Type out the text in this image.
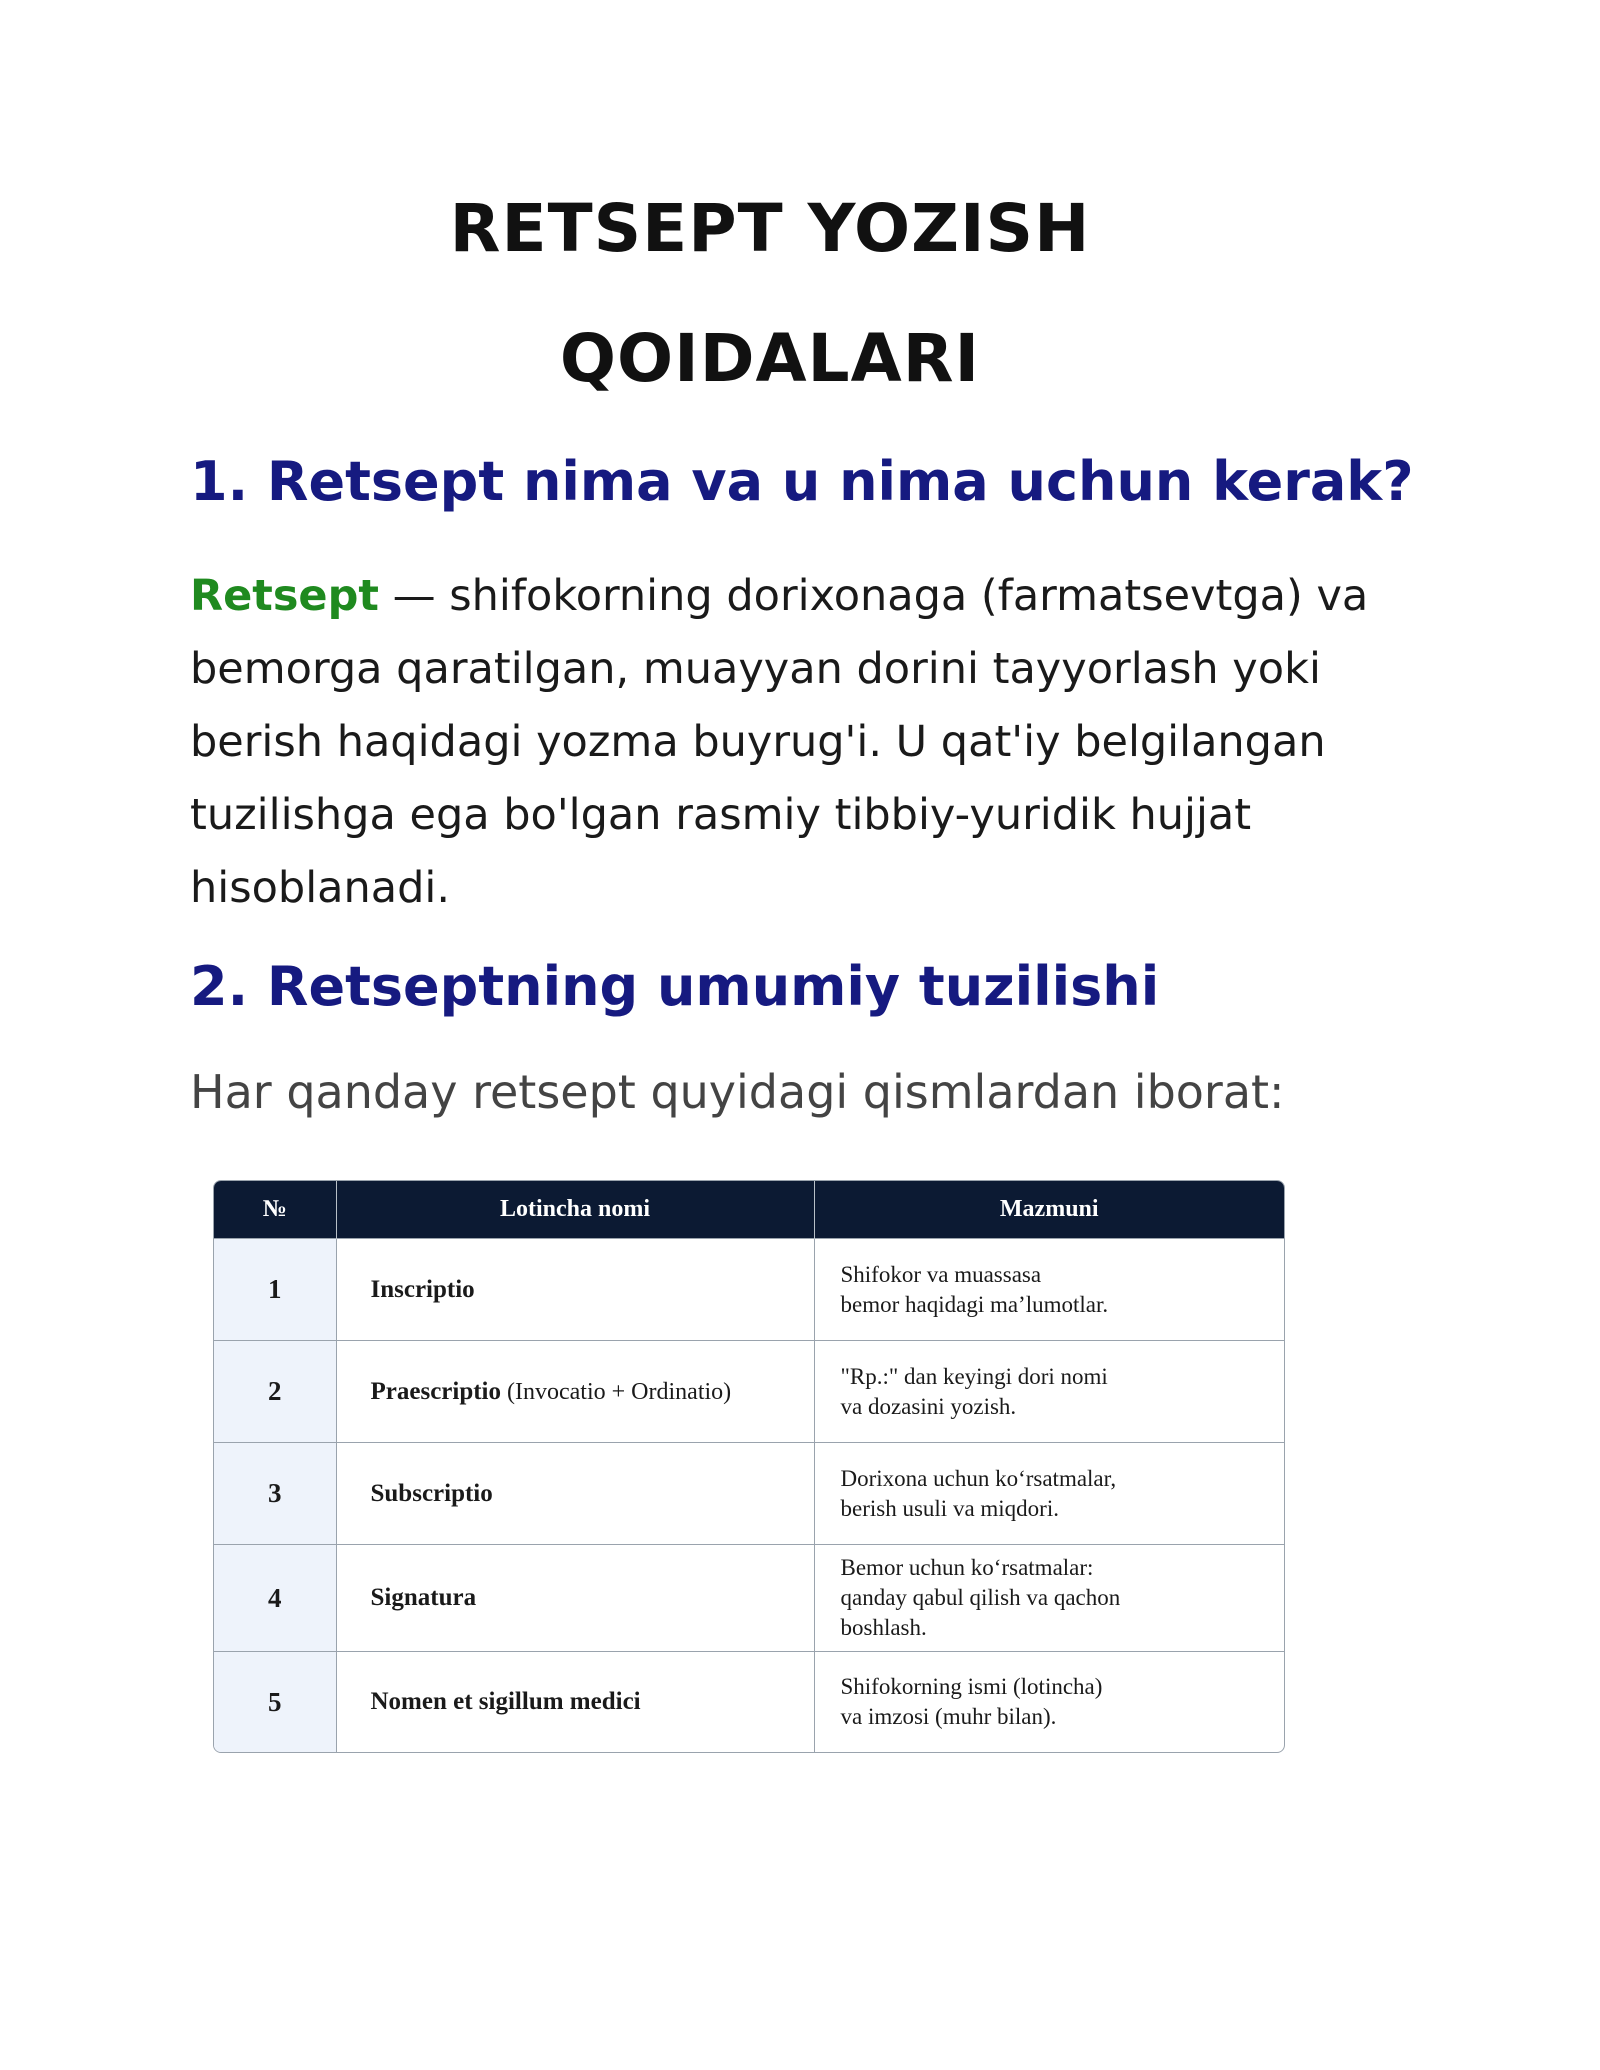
RETSEPT YOZISH
QOIDALARI
1. Retsept nima va u nima uchun kerak?
Retsept — shifokorning dorixonaga (farmatsevtga) va bemorga qaratilgan, muayyan dorini tayyorlash yoki berish haqidagi yozma buyrug'i. U qat'iy belgilangan tuzilishga ega bo'lgan rasmiy tibbiy-yuridik hujjat hisoblanadi.
2. Retseptning umumiy tuzilishi
Har qanday retsept quyidagi qismlardan iborat:
№	Lotincha nomi	Mazmuni
1	Inscriptio	Shifokor va muassasa
bemor haqidagi ma’lumotlar.
2	Praescriptio (Invocatio + Ordinatio)	"Rp.:" dan keyingi dori nomi
va dozasini yozish.
3	Subscriptio	Dorixona uchun koʻrsatmalar,
berish usuli va miqdori.
4	Signatura	Bemor uchun koʻrsatmalar:
qanday qabul qilish va qachon
boshlash.
5	Nomen et sigillum medici	Shifokorning ismi (lotincha)
va imzosi (muhr bilan).
